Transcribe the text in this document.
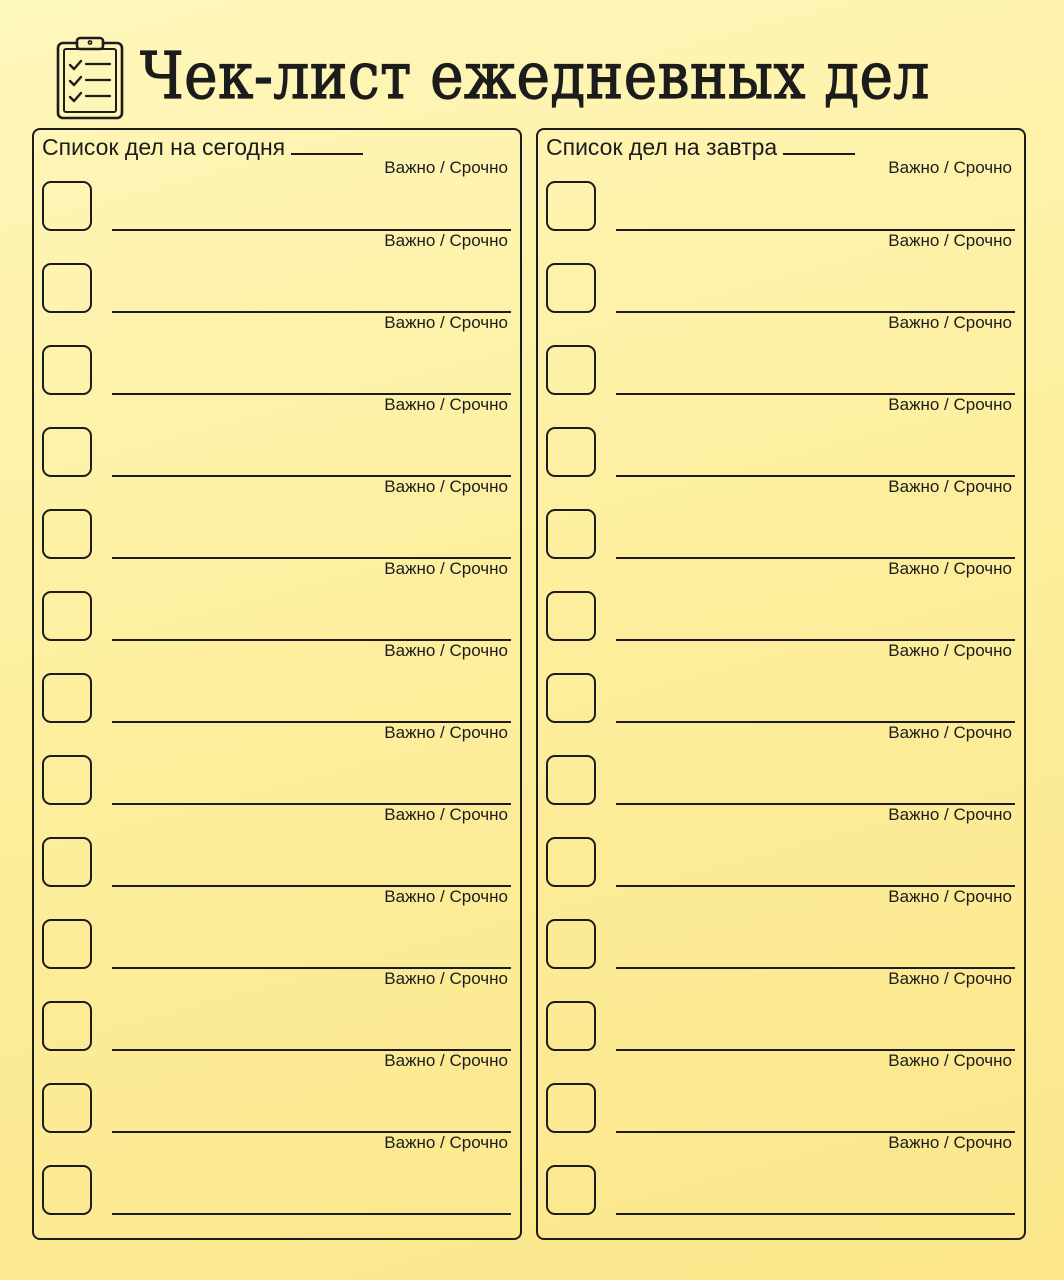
Чек-лист ежедневных дел
Список дел на сегодня
Важно / Срочно
Важно / Срочно
Важно / Срочно
Важно / Срочно
Важно / Срочно
Важно / Срочно
Важно / Срочно
Важно / Срочно
Важно / Срочно
Важно / Срочно
Важно / Срочно
Важно / Срочно
Важно / Срочно
Список дел на завтра
Важно / Срочно
Важно / Срочно
Важно / Срочно
Важно / Срочно
Важно / Срочно
Важно / Срочно
Важно / Срочно
Важно / Срочно
Важно / Срочно
Важно / Срочно
Важно / Срочно
Важно / Срочно
Важно / Срочно
